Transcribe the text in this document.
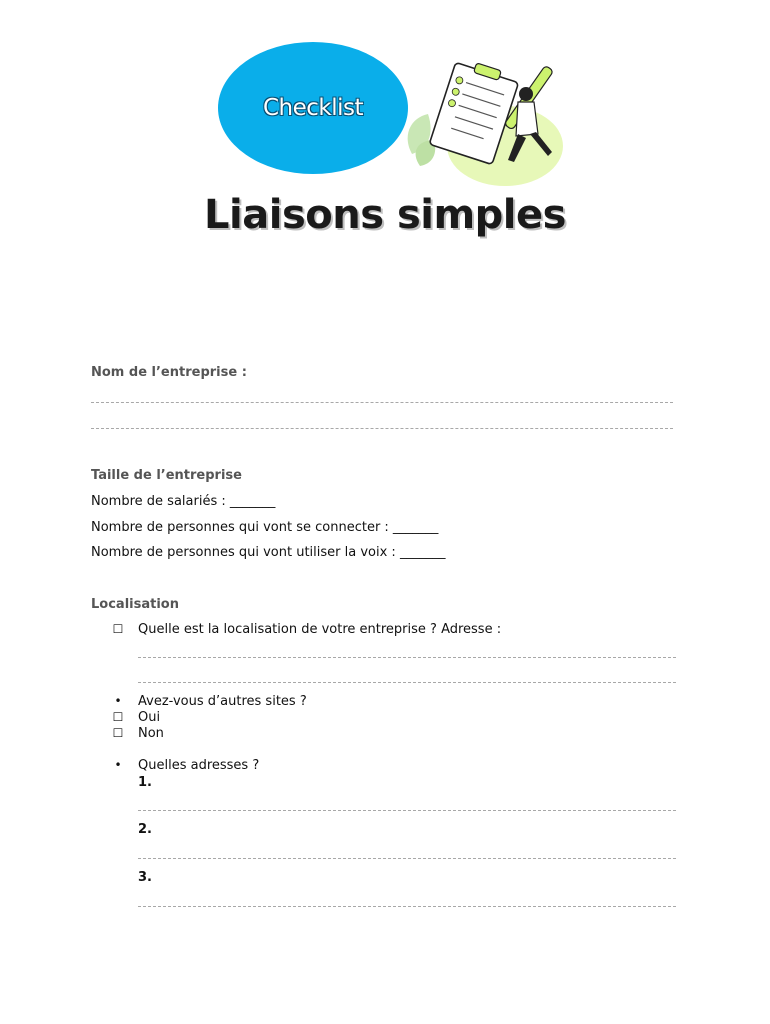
Checklist
Liaisons simples
Nom de l’entreprise :
Taille de l’entreprise
Nombre de salariés : _______
Nombre de personnes qui vont se connecter : _______
Nombre de personnes qui vont utiliser la voix : _______
Localisation
☐ Quelle est la localisation de votre entreprise ? Adresse :
•	Avez-vous d’autres sites ?
☐ Oui
☐ Non
•	Quelles adresses ?
1.
2.
3.
